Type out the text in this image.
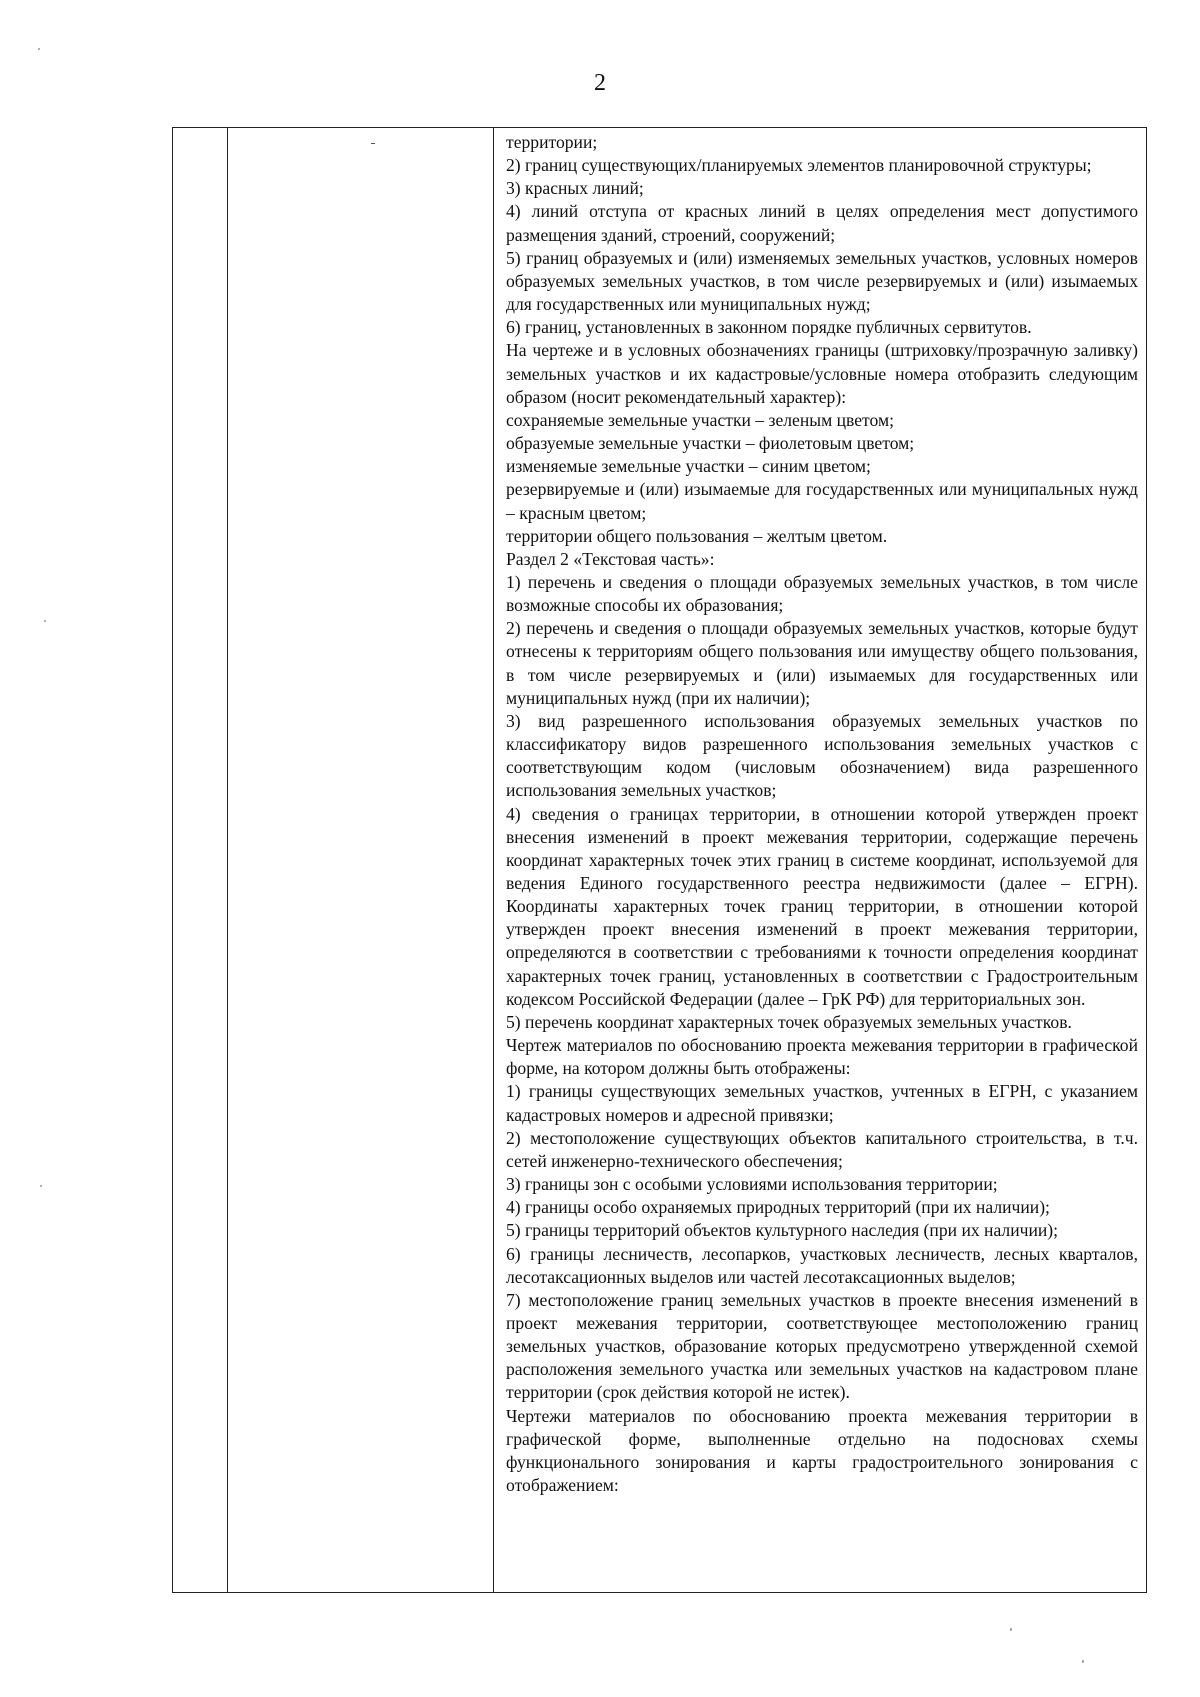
2
территории;
2) границ существующих/планируемых элементов планировочной структуры;
3) красных линий;
4) линий отступа от красных линий в целях определения мест допустимого размещения зданий, строений, сооружений;
5) границ образуемых и (или) изменяемых земельных участков, условных номеров образуемых земельных участков, в том числе резервируемых и (или) изымаемых для государственных или муниципальных нужд;
6) границ, установленных в законном порядке публичных сервитутов.
На чертеже и в условных обозначениях границы (штриховку/прозрачную заливку) земельных участков и их кадастровые/условные номера отобразить следующим образом (носит рекомендательный характер):
сохраняемые земельные участки – зеленым цветом;
образуемые земельные участки – фиолетовым цветом;
изменяемые земельные участки – синим цветом;
резервируемые и (или) изымаемые для государственных или муниципальных нужд – красным цветом;
территории общего пользования – желтым цветом.
Раздел 2 «Текстовая часть»:
1) перечень и сведения о площади образуемых земельных участков, в том числе возможные способы их образования;
2) перечень и сведения о площади образуемых земельных участков, которые будут отнесены к территориям общего пользования или имуществу общего пользования, в том числе резервируемых и (или) изымаемых для государственных или муниципальных нужд (при их наличии);
3) вид разрешенного использования образуемых земельных участков по классификатору видов разрешенного использования земельных участков с соответствующим кодом (числовым обозначением) вида разрешенного использования земельных участков;
4) сведения о границах территории, в отношении которой утвержден проект внесения изменений в проект межевания территории, содержащие перечень координат характерных точек этих границ в системе координат, используемой для ведения Единого государственного реестра недвижимости (далее – ЕГРН). Координаты характерных точек границ территории, в отношении которой утвержден проект внесения изменений в проект межевания территории, определяются в соответствии с требованиями к точности определения координат характерных точек границ, установленных в соответствии с Градостроительным кодексом Российской Федерации (далее – ГрК РФ) для территориальных зон.
5) перечень координат характерных точек образуемых земельных участков.
Чертеж материалов по обоснованию проекта межевания территории в графической форме, на котором должны быть отображены:
1) границы существующих земельных участков, учтенных в ЕГРН, с указанием кадастровых номеров и адресной привязки;
2) местоположение существующих объектов капитального строительства, в т.ч. сетей инженерно-технического обеспечения;
3) границы зон с особыми условиями использования территории;
4) границы особо охраняемых природных территорий (при их наличии);
5) границы территорий объектов культурного наследия (при их наличии);
6) границы лесничеств, лесопарков, участковых лесничеств, лесных кварталов, лесотаксационных выделов или частей лесотаксационных выделов;
7) местоположение границ земельных участков в проекте внесения изменений в проект межевания территории, соответствующее местоположению границ земельных участков, образование которых предусмотрено утвержденной схемой расположения земельного участка или земельных участков на кадастровом плане территории (срок действия которой не истек).
Чертежи материалов по обоснованию проекта межевания территории в графической форме, выполненные отдельно на подосновах схемы функционального зонирования и карты градостроительного зонирования с отображением:
